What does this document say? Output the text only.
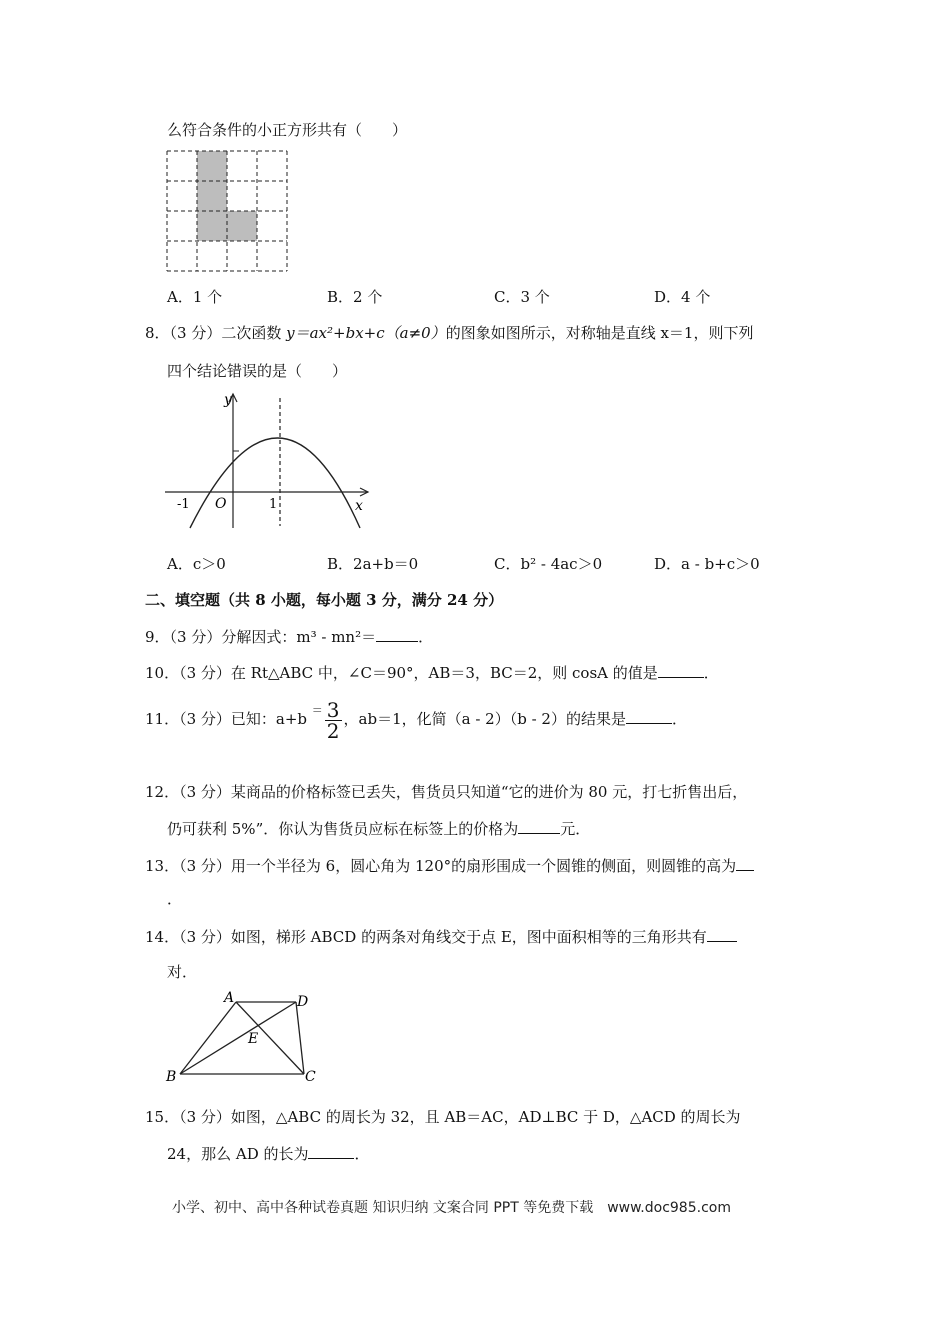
么符合条件的小正方形共有（　　）
A．1 个	B．2 个	C．3 个	D．4 个
8．（3 分）二次函数 y＝ax²+bx+c（a≠0）的图象如图所示，对称轴是直线 x＝1，则下列
四个结论错误的是（　　）
y
x
O
-1	1
A．c＞0	B．2a+b＝0	C．b² - 4ac＞0	D．a - b+c＞0
二、填空题（共 8 小题，每小题 3 分，满分 24 分）
9．（3 分）分解因式：m³ - mn²＝	．
10．（3 分）在 Rt△ABC 中，∠C＝90°，AB＝3，BC＝2，则 cosA 的值是	．
11．（3 分）已知：a+b $^= \frac{3}{2}$ ，ab＝1，化简（a - 2）（b - 2）的结果是	．
12．（3 分）某商品的价格标签已丢失，售货员只知道“它的进价为 80 元，打七折售出后，
仍可获利 5%”．你认为售货员应标在标签上的价格为	元．
13．（3 分）用一个半径为 6，圆心角为 120°的扇形围成一个圆锥的侧面，则圆锥的高为
．
14．（3 分）如图，梯形 ABCD 的两条对角线交于点 E，图中面积相等的三角形共有
对．
A	D
E
B	C
15．（3 分）如图，△ABC 的周长为 32，且 AB＝AC，AD⊥BC 于 D，△ACD 的周长为
24，那么 AD 的长为	．
小学、初中、高中各种试卷真题 知识归纳 文案合同 PPT 等免费下载　www.doc985.com
